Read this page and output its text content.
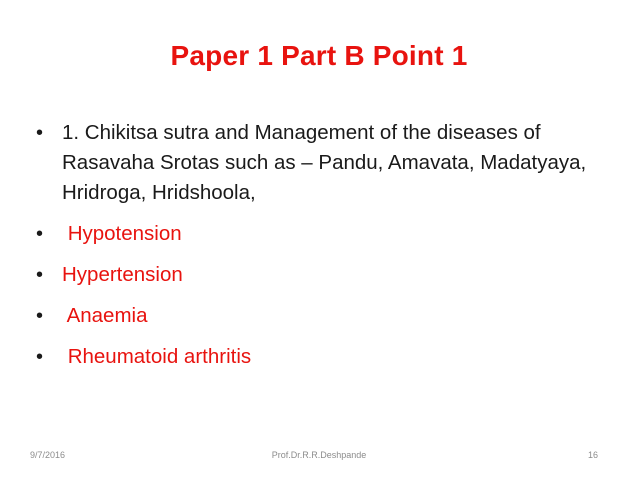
Paper 1 Part B Point 1
• 1. Chikitsa sutra and Management of the diseases of Rasavaha Srotas such as – Pandu, Amavata, Madatyaya, Hridroga, Hridshoola,
• Hypotension
• Hypertension
• Anaemia
• Rheumatoid arthritis
9/7/2016	Prof.Dr.R.R.Deshpande	16
